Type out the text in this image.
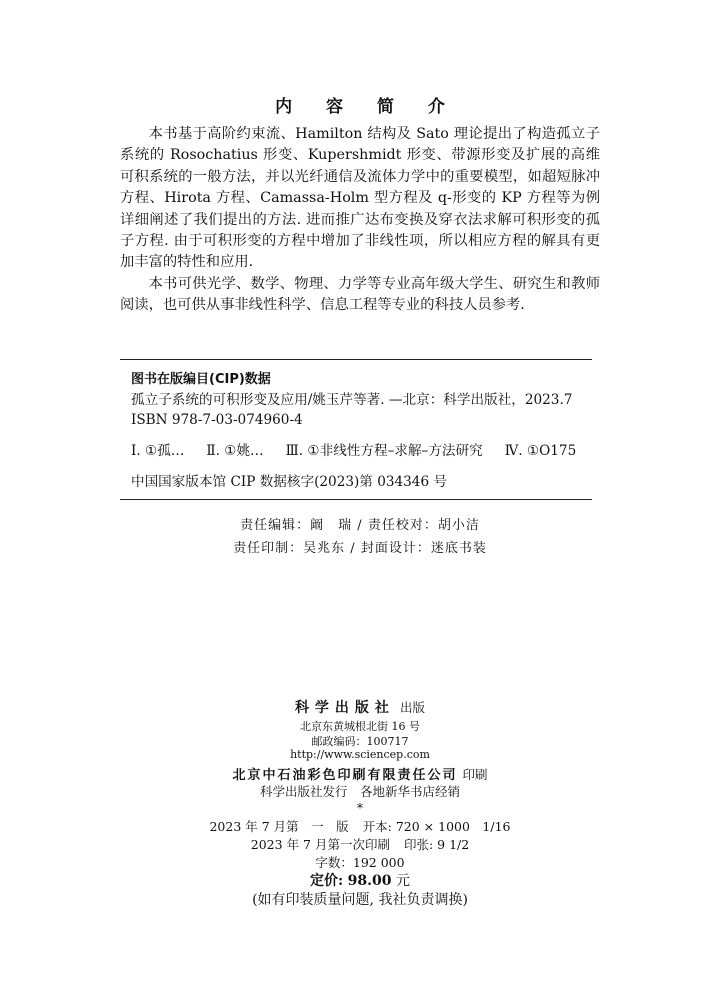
内 容 简 介

本书基于高阶约束流、Hamilton 结构及 Sato 理论提出了构造孤立子系统的 Rosochatius 形变、Kupershmidt 形变、带源形变及扩展的高维可积系统的一般方法，并以光纤通信及流体力学中的重要模型，如超短脉冲方程、Hirota 方程、Camassa-Holm 型方程及 q-形变的 KP 方程等为例详细阐述了我们提出的方法. 进而推广达布变换及穿衣法求解可积形变的孤子方程. 由于可积形变的方程中增加了非线性项，所以相应方程的解具有更加丰富的特性和应用.

本书可供光学、数学、物理、力学等专业高年级大学生、研究生和教师阅读，也可供从事非线性科学、信息工程等专业的科技人员参考.

图书在版编目(CIP)数据
孤立子系统的可积形变及应用/姚玉芹等著. —北京：科学出版社，2023.7
ISBN 978-7-03-074960-4
Ⅰ. ①孤… Ⅱ. ①姚… Ⅲ. ①非线性方程–求解–方法研究 Ⅳ. ①O175
中国国家版本馆 CIP 数据核字(2023)第 034346 号
责任编辑：阚　瑞 / 责任校对：胡小洁
责任印制：吴兆东 / 封面设计：迷底书装
科学出版社 出版
北京东黄城根北街 16 号
邮政编码：100717
http://www.sciencep.com
北京中石油彩色印刷有限责任公司 印刷
科学出版社发行　各地新华书店经销
*
2023 年 7 月第　一　版 开本: 720 × 1000　1/16
2023 年 7 月第一次印刷 印张: 9 1/2
字数：192 000
定价: 98.00 元
(如有印装质量问题, 我社负责调换)
